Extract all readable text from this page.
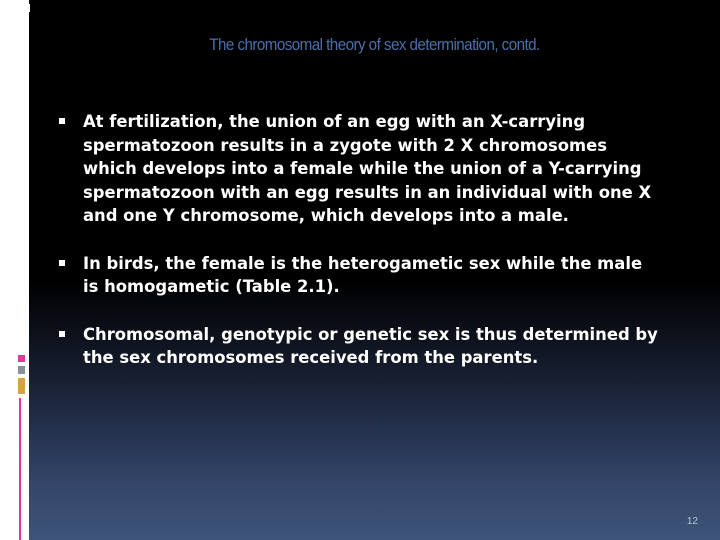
The chromosomal theory of sex determination, contd.
At fertilization, the union of an egg with an X-carrying spermatozoon results in a zygote with 2 X chromosomes which develops into a female while the union of a Y-carrying spermatozoon with an egg results in an individual with one X and one Y chromosome, which develops into a male.
In birds, the female is the heterogametic sex while the male is homogametic (Table 2.1).
Chromosomal, genotypic or genetic sex is thus determined by the sex chromosomes received from the parents.
12
